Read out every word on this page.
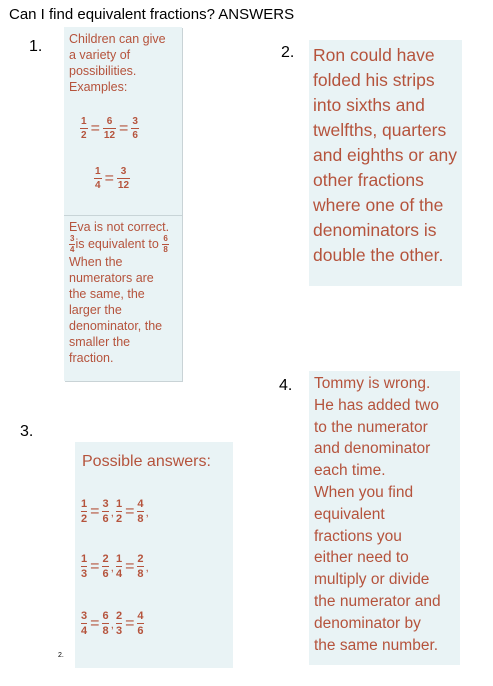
Can I find equivalent fractions? ANSWERS
1. Children can give
a variety of
possibilities.
Examples:
$\frac{1}{2} = \frac{6}{12} = \frac{3}{6}$
$\frac{1}{4} = \frac{3}{12}$
Eva is not correct.
$\frac{3}{4}$ is equivalent to $\frac{6}{8}$
When the
numerators are
the same, the
larger the
denominator, the
smaller the
fraction.
2. Ron could have
folded his strips
into sixths and
twelfths, quarters
and eighths or any
other fractions
where one of the
denominators is
double the other.
3.
Possible answers:
$\frac{1}{2} = \frac{3}{6}$ , $\frac{1}{2} = \frac{4}{8}$ ,
$\frac{1}{3} = \frac{2}{6}$ , $\frac{1}{4} = \frac{2}{8}$ ,
$\frac{3}{4} = \frac{6}{8}$ , $\frac{2}{3} = \frac{4}{6}$
4. Tommy is wrong.
He has added two
to the numerator
and denominator
each time.
When you find
equivalent
fractions you
either need to
multiply or divide
the numerator and
denominator by
the same number.
2.
